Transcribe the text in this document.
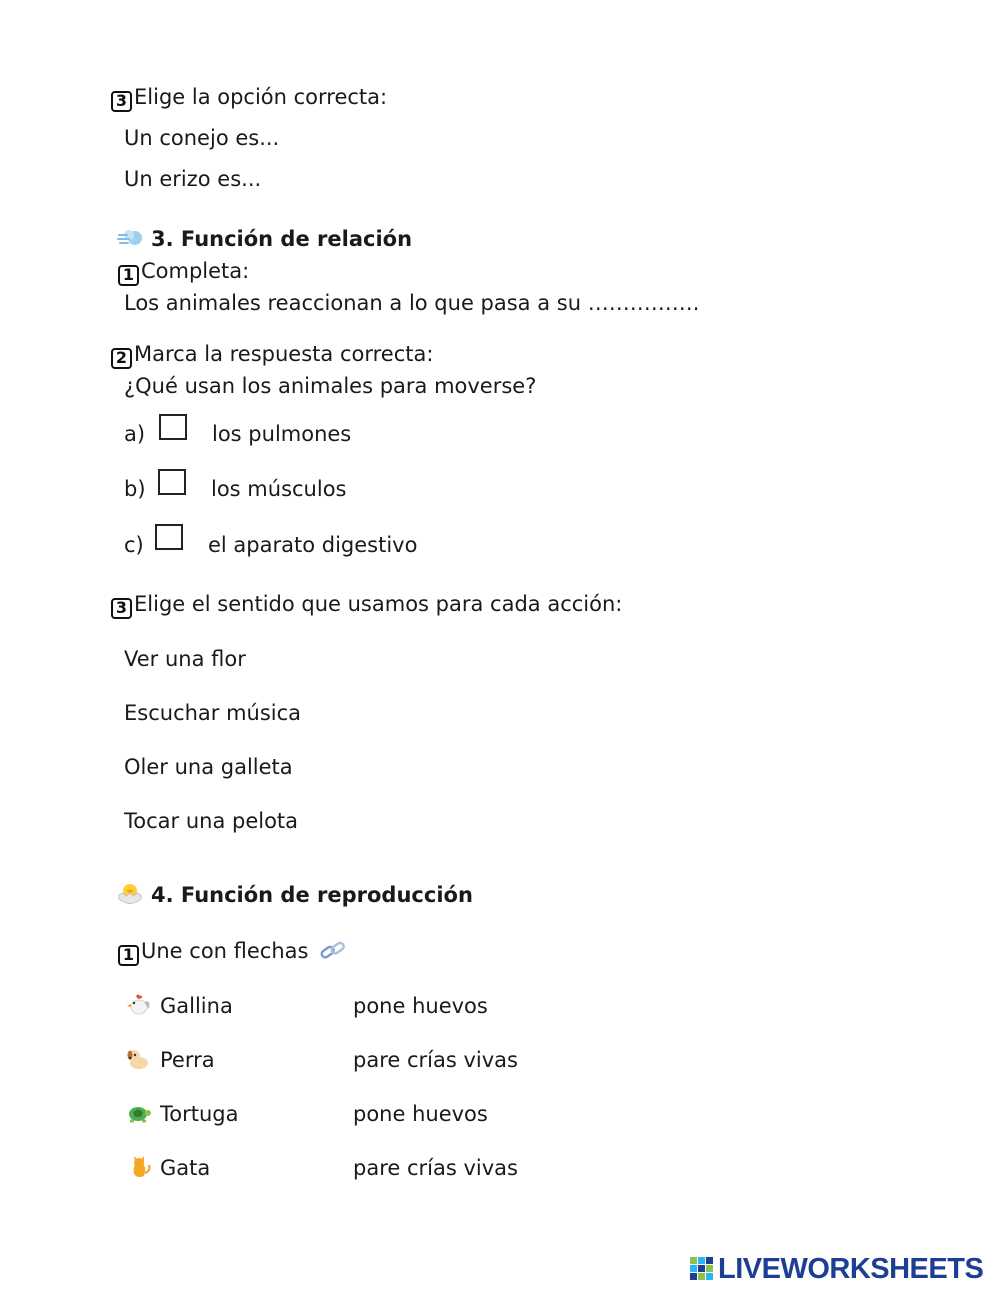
3 Elige la opción correcta:
Un conejo es...
Un erizo es...
3. Función de relación
1 Completa:
Los animales reaccionan a lo que pasa a su …………….
2 Marca la respuesta correcta:
¿Qué usan los animales para moverse?
a)	los pulmones
b)	los músculos
c)	el aparato digestivo
3 Elige el sentido que usamos para cada acción:
Ver una flor
Escuchar música
Oler una galleta
Tocar una pelota
4. Función de reproducción
1 Une con flechas
Gallina	pone huevos
Perra	pare crías vivas
Tortuga	pone huevos
Gata	pare crías vivas
LIVEWORKSHEETS
